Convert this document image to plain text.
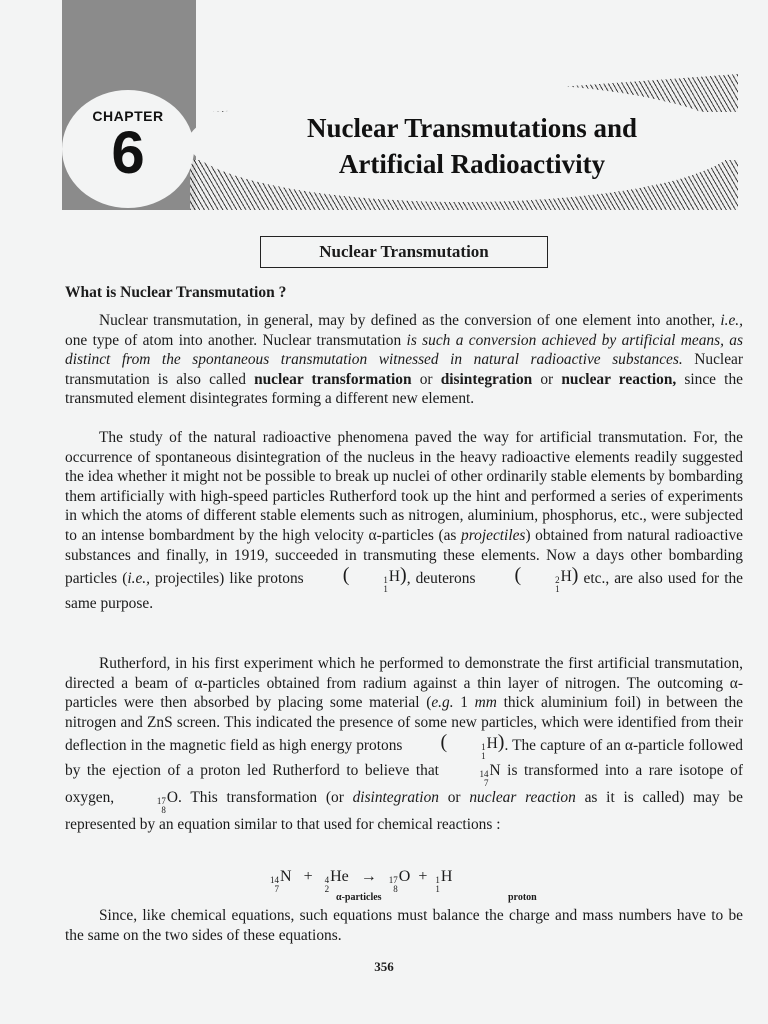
CHAPTER
6	Nuclear Transmutations and
Artificial Radioactivity
Nuclear Transmutation
What is Nuclear Transmutation ?

Nuclear transmutation, in general, may by defined as the conversion of one element into another, i.e., one type of atom into another. Nuclear transmutation is such a conversion achieved by artificial means, as distinct from the spontaneous transmutation witnessed in natural radioactive substances. Nuclear transmutation is also called nuclear transformation or disintegration or nuclear reaction, since the transmuted element disintegrates forming a different new element.

The study of the natural radioactive phenomena paved the way for artificial transmutation. For, the occurrence of spontaneous disintegration of the nucleus in the heavy radioactive elements readily suggested the idea whether it might not be possible to break up nuclei of other ordinarily stable elements by bombarding them artificially with high-speed particles Rutherford took up the hint and performed a series of experiments in which the atoms of different stable elements such as nitrogen, aluminium, phosphorus, etc., were subjected to an intense bombardment by the high velocity α-particles (as projectiles) obtained from natural radioactive substances and finally, in 1919, succeeded in transmuting these elements. Now a days other bombarding particles (i.e., projectiles) like protons (	1
1
H), deuterons (	2
1
H) etc., are also used for the same purpose.

Rutherford, in his first experiment which he performed to demonstrate the first artificial transmutation, directed a beam of α-particles obtained from radium against a thin layer of nitrogen. The outcoming α-particles were then absorbed by placing some material (e.g. 1 mm thick aluminium foil) in between the nitrogen and ZnS screen. This indicated the presence of some new particles, which were identified from their deflection in the magnetic field as high energy protons (	1
1
H). The capture of an α-particle followed by the ejection of a proton led Rutherford to believe that	14
7
N is transformed into a rare isotope of oxygen,	17
8
O. This transformation (or disintegration or nuclear reaction as it is called) may be represented by an equation similar to that used for chemical reactions :

14
7
N + 4
2
He → 17
8
O + 1
1
H
α-particles	proton

Since, like chemical equations, such equations must balance the charge and mass numbers have to be the same on the two sides of these equations.

356
